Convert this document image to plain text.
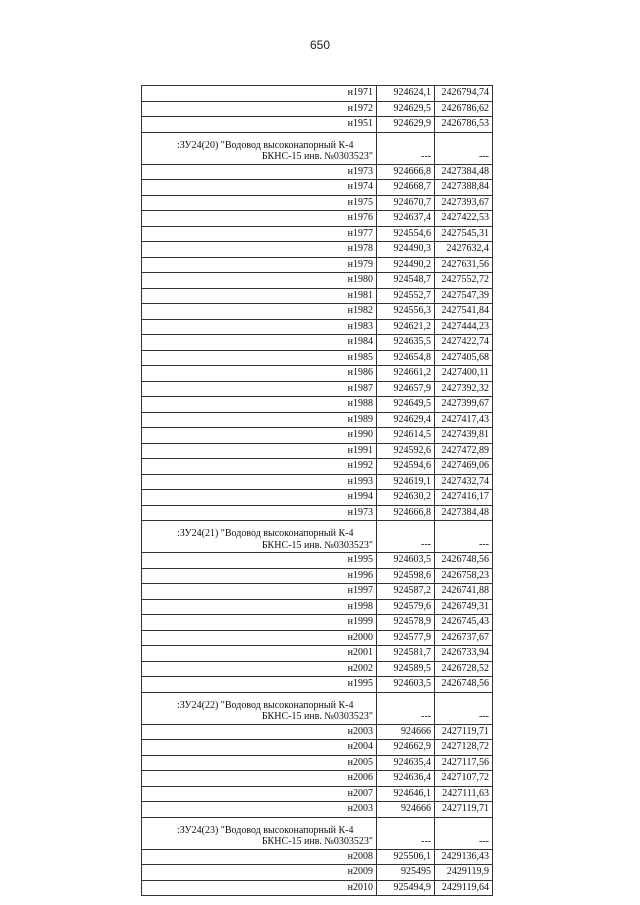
650
н1971	924624,1	2426794,74
н1972	924629,5	2426786,62
н1951	924629,9	2426786,53

:ЗУ24(20) "Водовод высоконапорный К-4
БКНС-15 инв. №0303523"	---	---
н1973	924666,8	2427384,48
н1974	924668,7	2427388,84
н1975	924670,7	2427393,67
н1976	924637,4	2427422,53
н1977	924554,6	2427545,31
н1978	924490,3	2427632,4
н1979	924490,2	2427631,56
н1980	924548,7	2427552,72
н1981	924552,7	2427547,39
н1982	924556,3	2427541,84
н1983	924621,2	2427444,23
н1984	924635,5	2427422,74
н1985	924654,8	2427405,68
н1986	924661,2	2427400,11
н1987	924657,9	2427392,32
н1988	924649,5	2427399,67
н1989	924629,4	2427417,43
н1990	924614,5	2427439,81
н1991	924592,6	2427472,89
н1992	924594,6	2427469,06
н1993	924619,1	2427432,74
н1994	924630,2	2427416,17
н1973	924666,8	2427384,48

:ЗУ24(21) "Водовод высоконапорный К-4
БКНС-15 инв. №0303523"	---	---
н1995	924603,5	2426748,56
н1996	924598,6	2426758,23
н1997	924587,2	2426741,88
н1998	924579,6	2426749,31
н1999	924578,9	2426745,43
н2000	924577,9	2426737,67
н2001	924581,7	2426733,94
н2002	924589,5	2426728,52
н1995	924603,5	2426748,56

:ЗУ24(22) "Водовод высоконапорный К-4
БКНС-15 инв. №0303523"	---	---
н2003	924666	2427119,71
н2004	924662,9	2427128,72
н2005	924635,4	2427117,56
н2006	924636,4	2427107,72
н2007	924646,1	2427111,63
н2003	924666	2427119,71

:ЗУ24(23) "Водовод высоконапорный К-4
БКНС-15 инв. №0303523"	---	---
н2008	925506,1	2429136,43
н2009	925495	2429119,9
н2010	925494,9	2429119,64
